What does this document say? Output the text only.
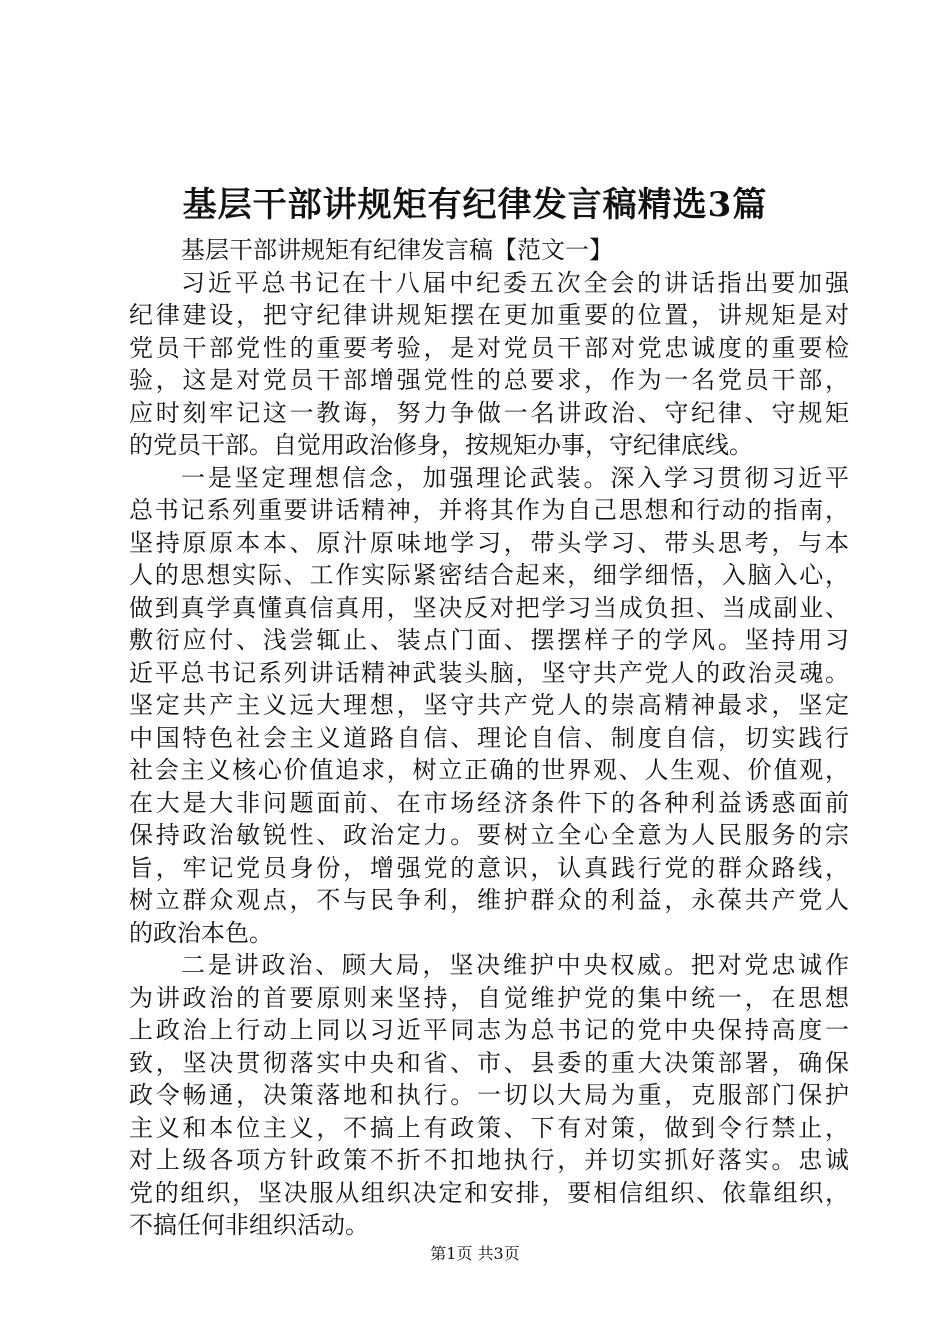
基层干部讲规矩有纪律发言稿精选3篇
基层干部讲规矩有纪律发言稿【范文一】
习近平总书记在十八届中纪委五次全会的讲话指出要加强
纪律建设，把守纪律讲规矩摆在更加重要的位置，讲规矩是对
党员干部党性的重要考验，是对党员干部对党忠诚度的重要检
验，这是对党员干部增强党性的总要求，作为一名党员干部，
应时刻牢记这一教诲，努力争做一名讲政治、守纪律、守规矩
的党员干部。自觉用政治修身，按规矩办事，守纪律底线。
一是坚定理想信念，加强理论武装。深入学习贯彻习近平
总书记系列重要讲话精神，并将其作为自己思想和行动的指南，
坚持原原本本、原汁原味地学习，带头学习、带头思考，与本
人的思想实际、工作实际紧密结合起来，细学细悟，入脑入心，
做到真学真懂真信真用，坚决反对把学习当成负担、当成副业、
敷衍应付、浅尝辄止、装点门面、摆摆样子的学风。坚持用习
近平总书记系列讲话精神武装头脑，坚守共产党人的政治灵魂。
坚定共产主义远大理想，坚守共产党人的崇高精神最求，坚定
中国特色社会主义道路自信、理论自信、制度自信，切实践行
社会主义核心价值追求，树立正确的世界观、人生观、价值观，
在大是大非问题面前、在市场经济条件下的各种利益诱惑面前
保持政治敏锐性、政治定力。要树立全心全意为人民服务的宗
旨，牢记党员身份，增强党的意识，认真践行党的群众路线，
树立群众观点，不与民争利，维护群众的利益，永葆共产党人
的政治本色。
二是讲政治、顾大局，坚决维护中央权威。把对党忠诚作
为讲政治的首要原则来坚持，自觉维护党的集中统一，在思想
上政治上行动上同以习近平同志为总书记的党中央保持高度一
致，坚决贯彻落实中央和省、市、县委的重大决策部署，确保
政令畅通，决策落地和执行。一切以大局为重，克服部门保护
主义和本位主义，不搞上有政策、下有对策，做到令行禁止，
对上级各项方针政策不折不扣地执行，并切实抓好落实。忠诚
党的组织，坚决服从组织决定和安排，要相信组织、依靠组织，
不搞任何非组织活动。
第1页 共3页
